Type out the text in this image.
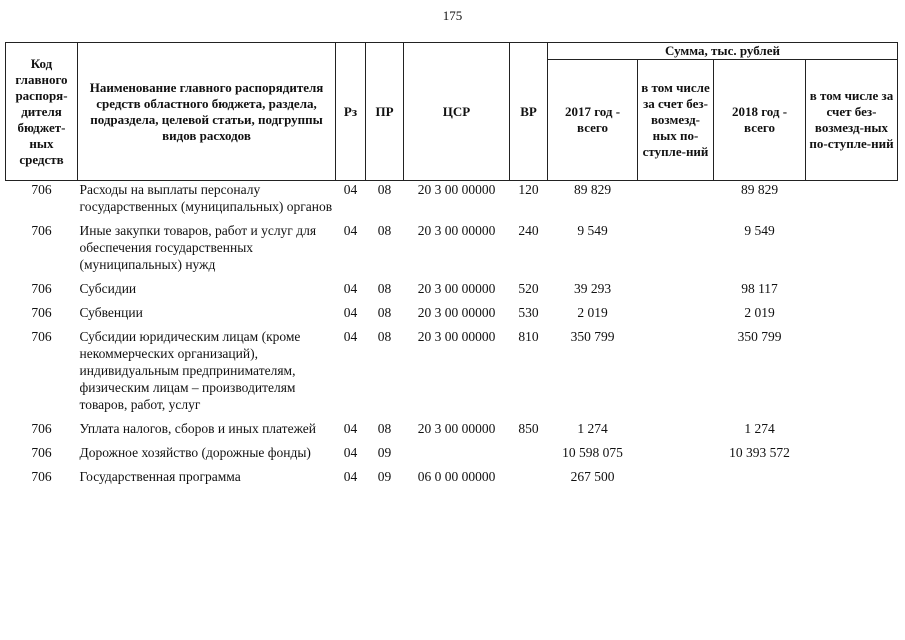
175
Код главного распоря-дителя бюджет-ных средств	Наименование главного распорядителя средств областного бюджета, раздела, подраздела, целевой статьи, подгруппы видов расходов	Рз	ПР	ЦСР	ВР	Сумма, тыс. рублей			
						2017 год - всего	в том числе за счет без-возмезд-ных по-ступле-ний	2018 год - всего	в том числе за счет без-возмезд-ных по-ступле-ний
706	Расходы на выплаты персоналу государственных (муниципальных) органов	04	08	20 3 00 00000	120	89 829		89 829	
706	Иные закупки товаров, работ и услуг для обеспечения государственных (муниципальных) нужд	04	08	20 3 00 00000	240	9 549		9 549	
706	Субсидии	04	08	20 3 00 00000	520	39 293		98 117	
706	Субвенции	04	08	20 3 00 00000	530	2 019		2 019	
706	Субсидии юридическим лицам (кроме некоммерческих организаций), индивидуальным предпринимателям, физическим лицам – производителям товаров, работ, услуг	04	08	20 3 00 00000	810	350 799		350 799	
706	Уплата налогов, сборов и иных платежей	04	08	20 3 00 00000	850	1 274		1 274	
706	Дорожное хозяйство (дорожные фонды)	04	09			10 598 075		10 393 572	
706	Государственная программа	04	09	06 0 00 00000		267 500			
